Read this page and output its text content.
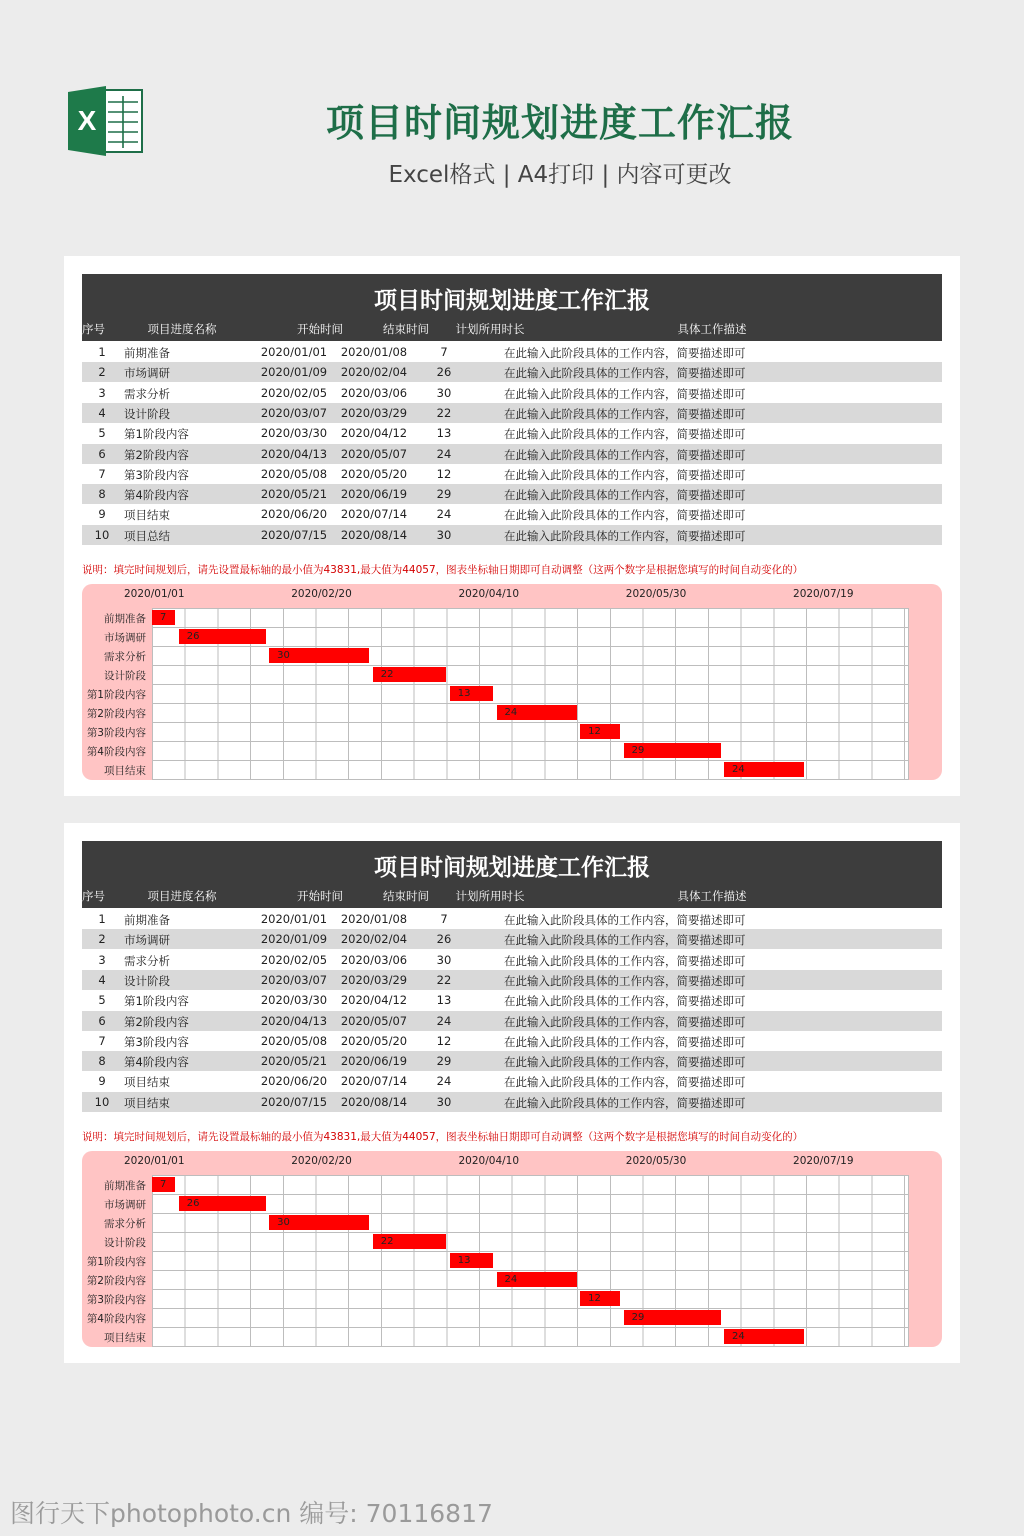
X	项目时间规划进度工作汇报
Excel格式 | A4打印 | 内容可更改
项目时间规划进度工作汇报
序号	项目进度名称	开始时间	结束时间	计划所用时长	具体工作描述
1	前期准备	2020/01/01	2020/01/08	7	在此输入此阶段具体的工作内容，简要描述即可
2	市场调研	2020/01/09	2020/02/04	26	在此输入此阶段具体的工作内容，简要描述即可
3	需求分析	2020/02/05	2020/03/06	30	在此输入此阶段具体的工作内容，简要描述即可
4	设计阶段	2020/03/07	2020/03/29	22	在此输入此阶段具体的工作内容，简要描述即可
5	第1阶段内容	2020/03/30	2020/04/12	13	在此输入此阶段具体的工作内容，简要描述即可
6	第2阶段内容	2020/04/13	2020/05/07	24	在此输入此阶段具体的工作内容，简要描述即可
7	第3阶段内容	2020/05/08	2020/05/20	12	在此输入此阶段具体的工作内容，简要描述即可
8	第4阶段内容	2020/05/21	2020/06/19	29	在此输入此阶段具体的工作内容，简要描述即可
9	项目结束	2020/06/20	2020/07/14	24	在此输入此阶段具体的工作内容，简要描述即可
10	项目总结	2020/07/15	2020/08/14	30	在此输入此阶段具体的工作内容，简要描述即可
说明：填完时间规划后，请先设置最标轴的最小值为43831,最大值为44057，图表坐标轴日期即可自动调整（这两个数字是根据您填写的时间自动变化的）
2020/01/01	2020/02/20	2020/04/10	2020/05/30	2020/07/19
前期准备	7
市场调研	26
需求分析	30
设计阶段	22
第1阶段内容	13
第2阶段内容	24
第3阶段内容	12
第4阶段内容	29
项目结束	24
项目时间规划进度工作汇报
序号	项目进度名称	开始时间	结束时间	计划所用时长	具体工作描述
1	前期准备	2020/01/01	2020/01/08	7	在此输入此阶段具体的工作内容，简要描述即可
2	市场调研	2020/01/09	2020/02/04	26	在此输入此阶段具体的工作内容，简要描述即可
3	需求分析	2020/02/05	2020/03/06	30	在此输入此阶段具体的工作内容，简要描述即可
4	设计阶段	2020/03/07	2020/03/29	22	在此输入此阶段具体的工作内容，简要描述即可
5	第1阶段内容	2020/03/30	2020/04/12	13	在此输入此阶段具体的工作内容，简要描述即可
6	第2阶段内容	2020/04/13	2020/05/07	24	在此输入此阶段具体的工作内容，简要描述即可
7	第3阶段内容	2020/05/08	2020/05/20	12	在此输入此阶段具体的工作内容，简要描述即可
8	第4阶段内容	2020/05/21	2020/06/19	29	在此输入此阶段具体的工作内容，简要描述即可
9	项目结束	2020/06/20	2020/07/14	24	在此输入此阶段具体的工作内容，简要描述即可
10	项目结束	2020/07/15	2020/08/14	30	在此输入此阶段具体的工作内容，简要描述即可
说明：填完时间规划后，请先设置最标轴的最小值为43831,最大值为44057，图表坐标轴日期即可自动调整（这两个数字是根据您填写的时间自动变化的）
2020/01/01	2020/02/20	2020/04/10	2020/05/30	2020/07/19
前期准备	7
市场调研	26
需求分析	30
设计阶段	22
第1阶段内容	13
第2阶段内容	24
第3阶段内容	12
第4阶段内容	29
项目结束	24
图行天下photophoto.cn 编号: 70116817
